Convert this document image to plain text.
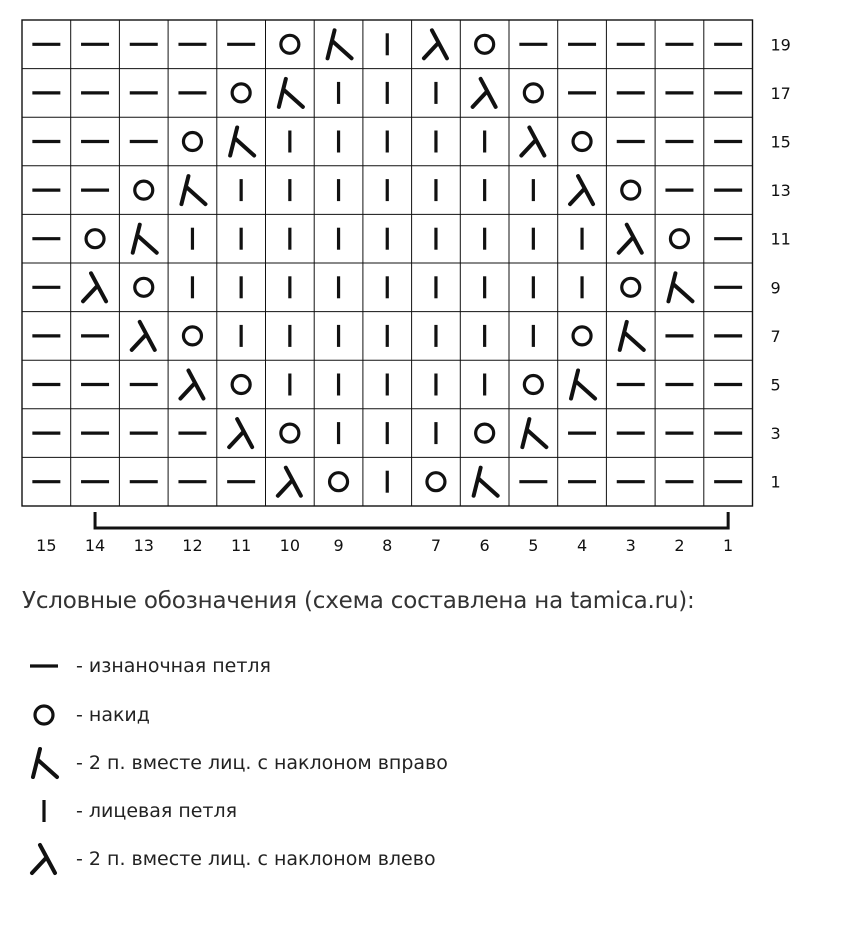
19
17
15
13
11
9
7
5
3
1
15 14 13 12 11 10 9 8 7 6 5 4 3 2 1
Условные обозначения (схема составлена на tamica.ru):
- изнаночная петля
- накид
- 2 п. вместе лиц. с наклоном вправо
- лицевая петля
- 2 п. вместе лиц. с наклоном влево
